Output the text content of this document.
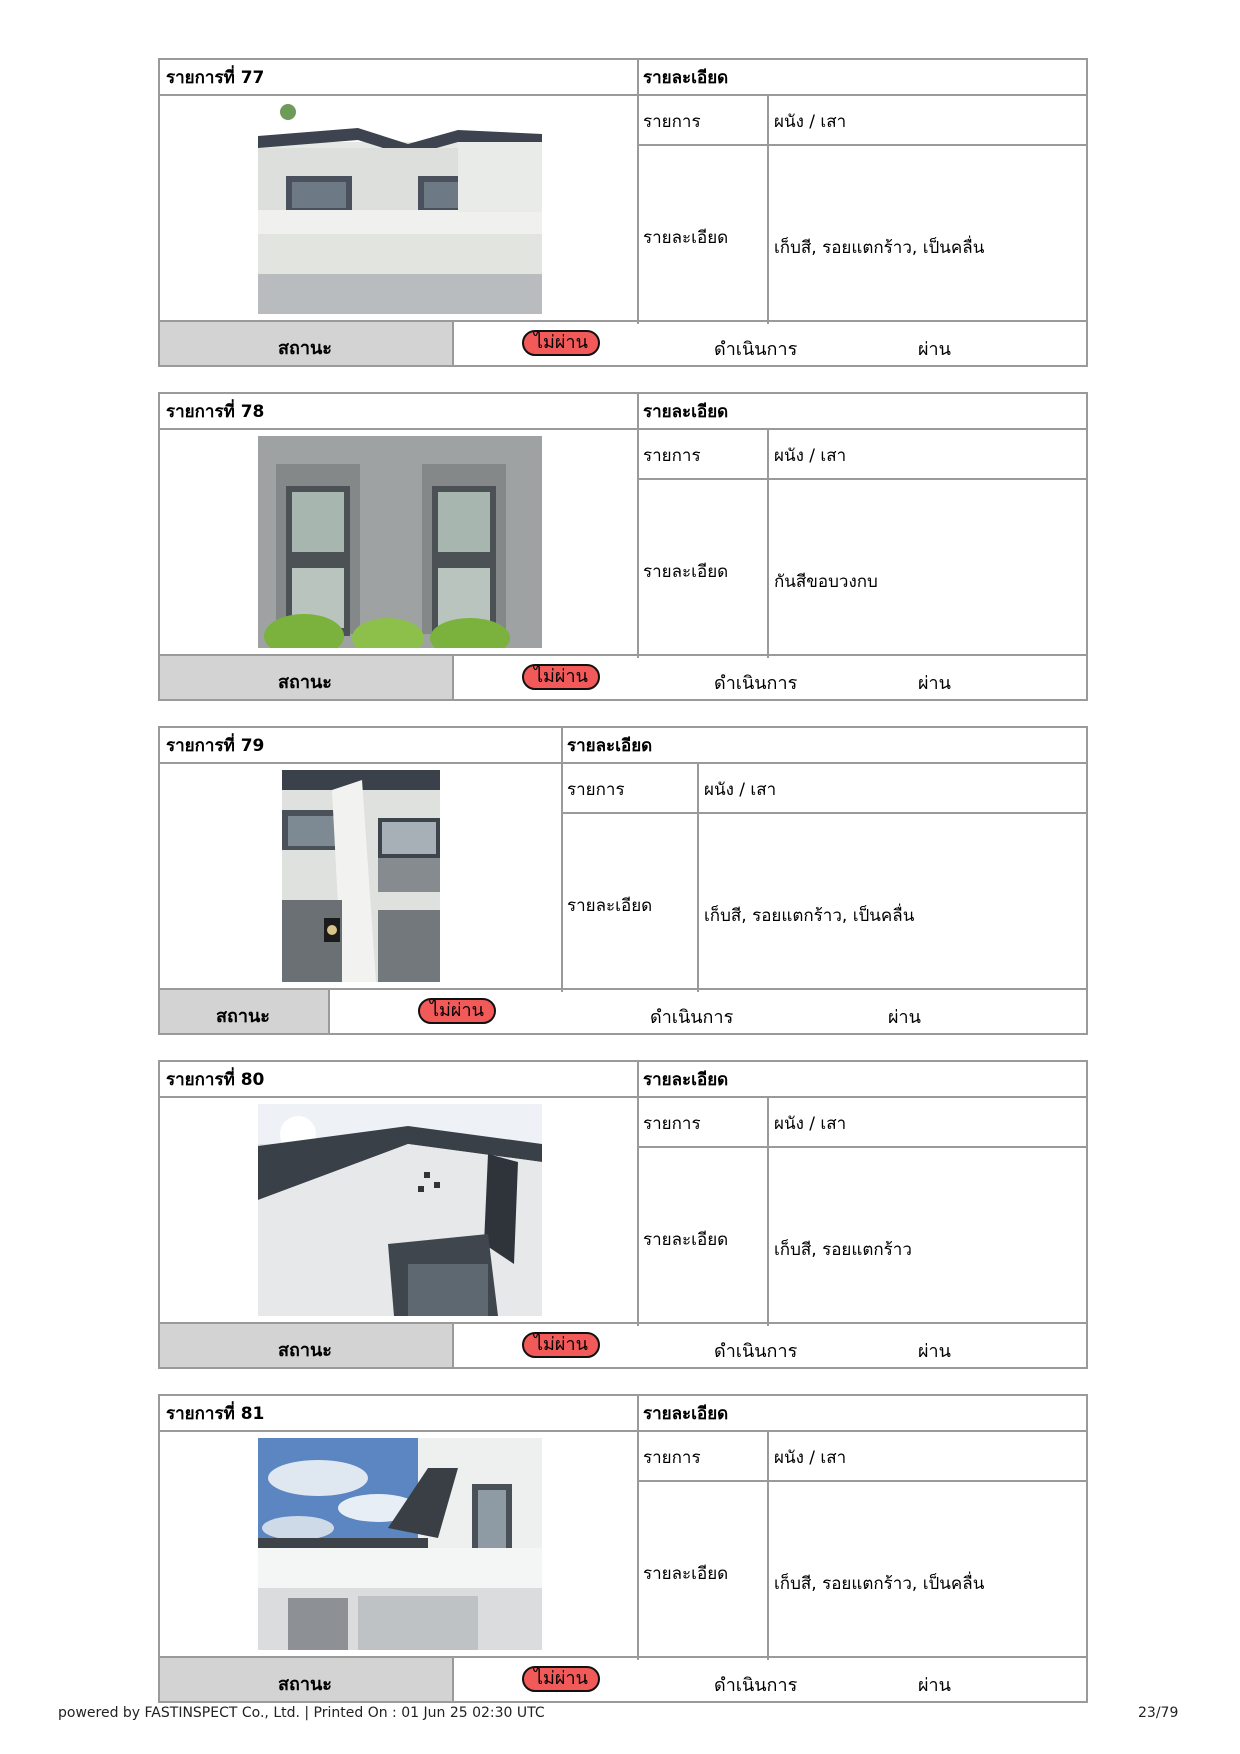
รายการที่ 77	รายละเอียด
รายการ	ผนัง / เสา
รายละเอียด	เก็บสี, รอยแตกร้าว, เป็นคลื่น
สถานะ	ไม่ผ่าน	ดำเนินการ	ผ่าน
รายการที่ 78	รายละเอียด
รายการ	ผนัง / เสา
รายละเอียด	กันสีขอบวงกบ
สถานะ	ไม่ผ่าน	ดำเนินการ	ผ่าน
รายการที่ 79	รายละเอียด
รายการ	ผนัง / เสา
รายละเอียด	เก็บสี, รอยแตกร้าว, เป็นคลื่น
สถานะ	ไม่ผ่าน	ดำเนินการ	ผ่าน
รายการที่ 80	รายละเอียด
รายการ	ผนัง / เสา
รายละเอียด	เก็บสี, รอยแตกร้าว
สถานะ	ไม่ผ่าน	ดำเนินการ	ผ่าน
รายการที่ 81	รายละเอียด
รายการ	ผนัง / เสา
รายละเอียด	เก็บสี, รอยแตกร้าว, เป็นคลื่น
สถานะ	ไม่ผ่าน	ดำเนินการ	ผ่าน
powered by FASTINSPECT Co., Ltd. | Printed On : 01 Jun 25 02:30 UTC	23/79
